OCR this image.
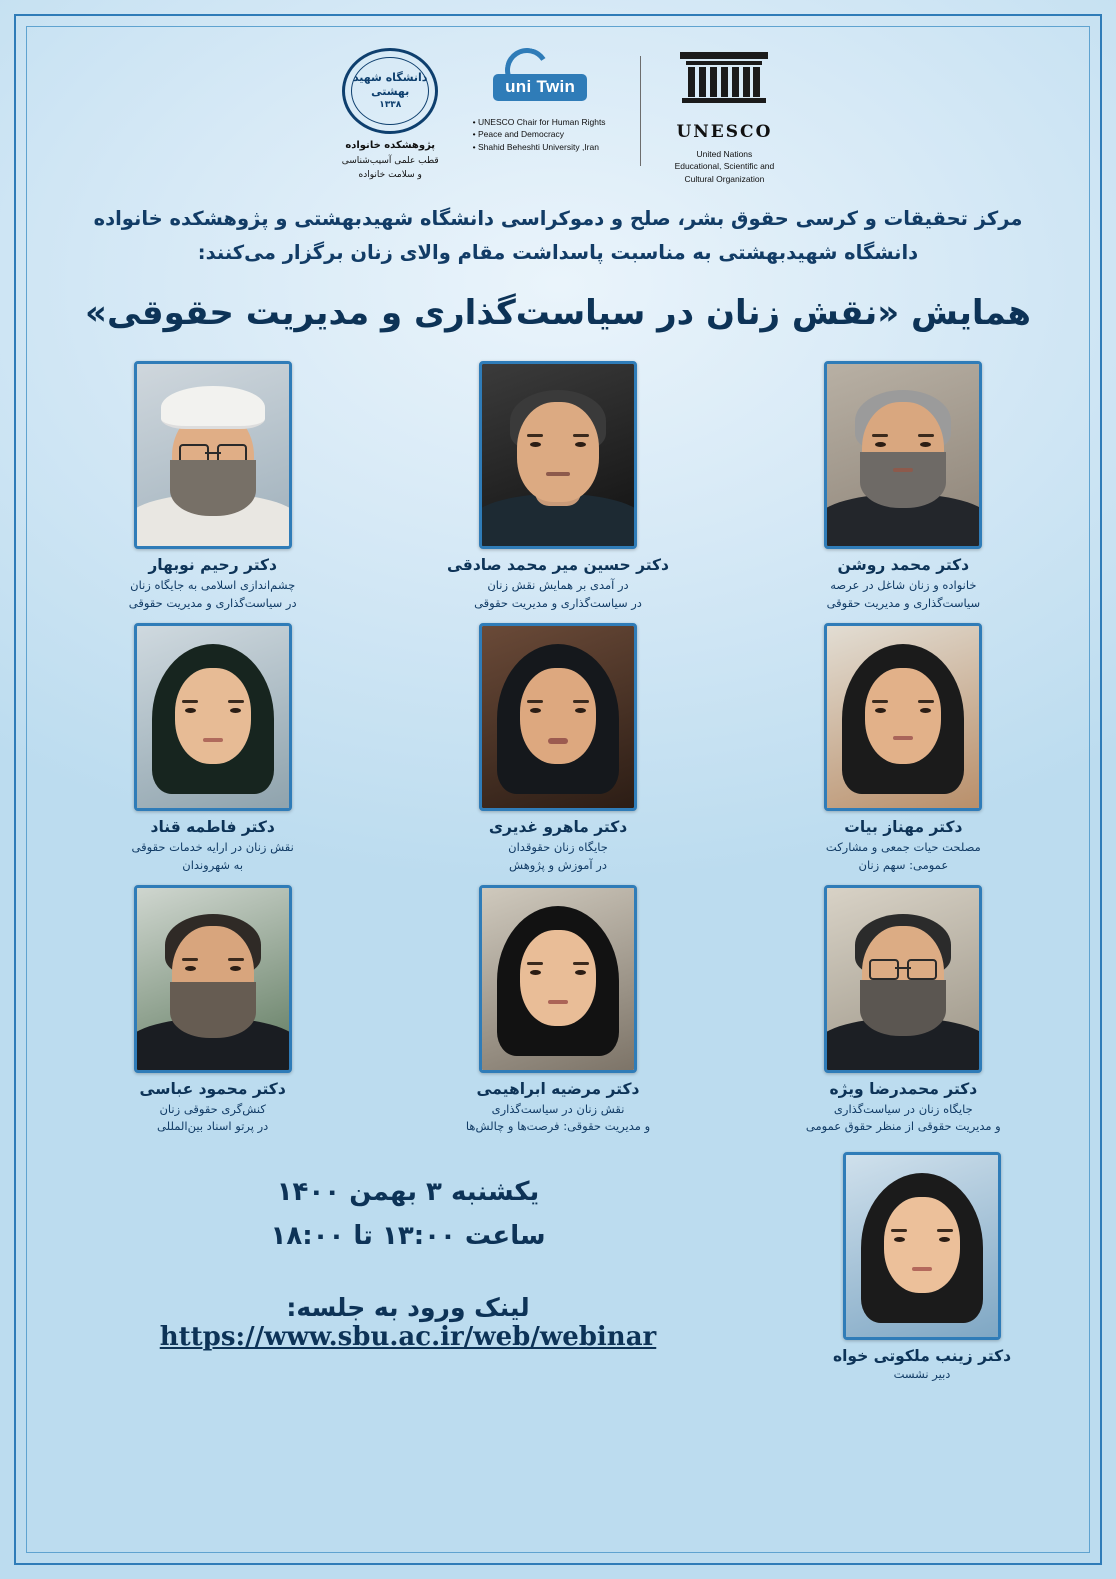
UNESCO
United Nations
Educational, Scientific and
Cultural Organization
uni Twin
• UNESCO Chair for Human Rights
• Peace and Democracy
• Shahid Beheshti University ,Iran
دانشگاه شهید بهشتی
۱۳۳۸
پژوهشکده خانواده
قطب علمی آسیب‌شناسی
و سلامت خانواده
مرکز تحقیقات و کرسی حقوق بشر، صلح و دموکراسی دانشگاه شهیدبهشتی و پژوهشکده خانواده
دانشگاه شهیدبهشتی به مناسبت پاسداشت مقام والای زنان برگزار می‌کنند:
همایش «نقش زنان در سیاست‌گذاری و مدیریت حقوقی»
دکتر محمد روشن
خانواده و زنان شاغل در عرصه
سیاست‌گذاری و مدیریت حقوقی
دکتر حسین میر محمد صادقی
در آمدی بر همایش نقش زنان
در سیاست‌گذاری و مدیریت حقوقی
دکتر رحیم نوبهار
چشم‌اندازی اسلامی به جایگاه زنان
در سیاست‌گذاری و مدیریت حقوقی
دکتر مهناز بیات
مصلحت حیات جمعی و مشارکت
عمومی: سهم زنان
دکتر ماهرو غدیری
جایگاه زنان حقوقدان
در آموزش و پژوهش
دکتر فاطمه قناد
نقش زنان در ارایه خدمات حقوقی
به شهروندان
دکتر محمدرضا ویژه
جایگاه زنان در سیاست‌گذاری
و مدیریت حقوقی از منظر حقوق عمومی
دکتر مرضیه ابراهیمی
نقش زنان در سیاست‌گذاری
و مدیریت حقوقی: فرصت‌ها و چالش‌ها
دکتر محمود عباسی
کنش‌گری حقوقی زنان
در پرتو اسناد بین‌المللی
دکتر زینب ملکوتی خواه
دبیر نشست
یکشنبه ۳ بهمن ۱۴۰۰
ساعت ۱۳:۰۰ تا ۱۸:۰۰
لینک ورود به جلسه:
https://www.sbu.ac.ir/web/webinar
